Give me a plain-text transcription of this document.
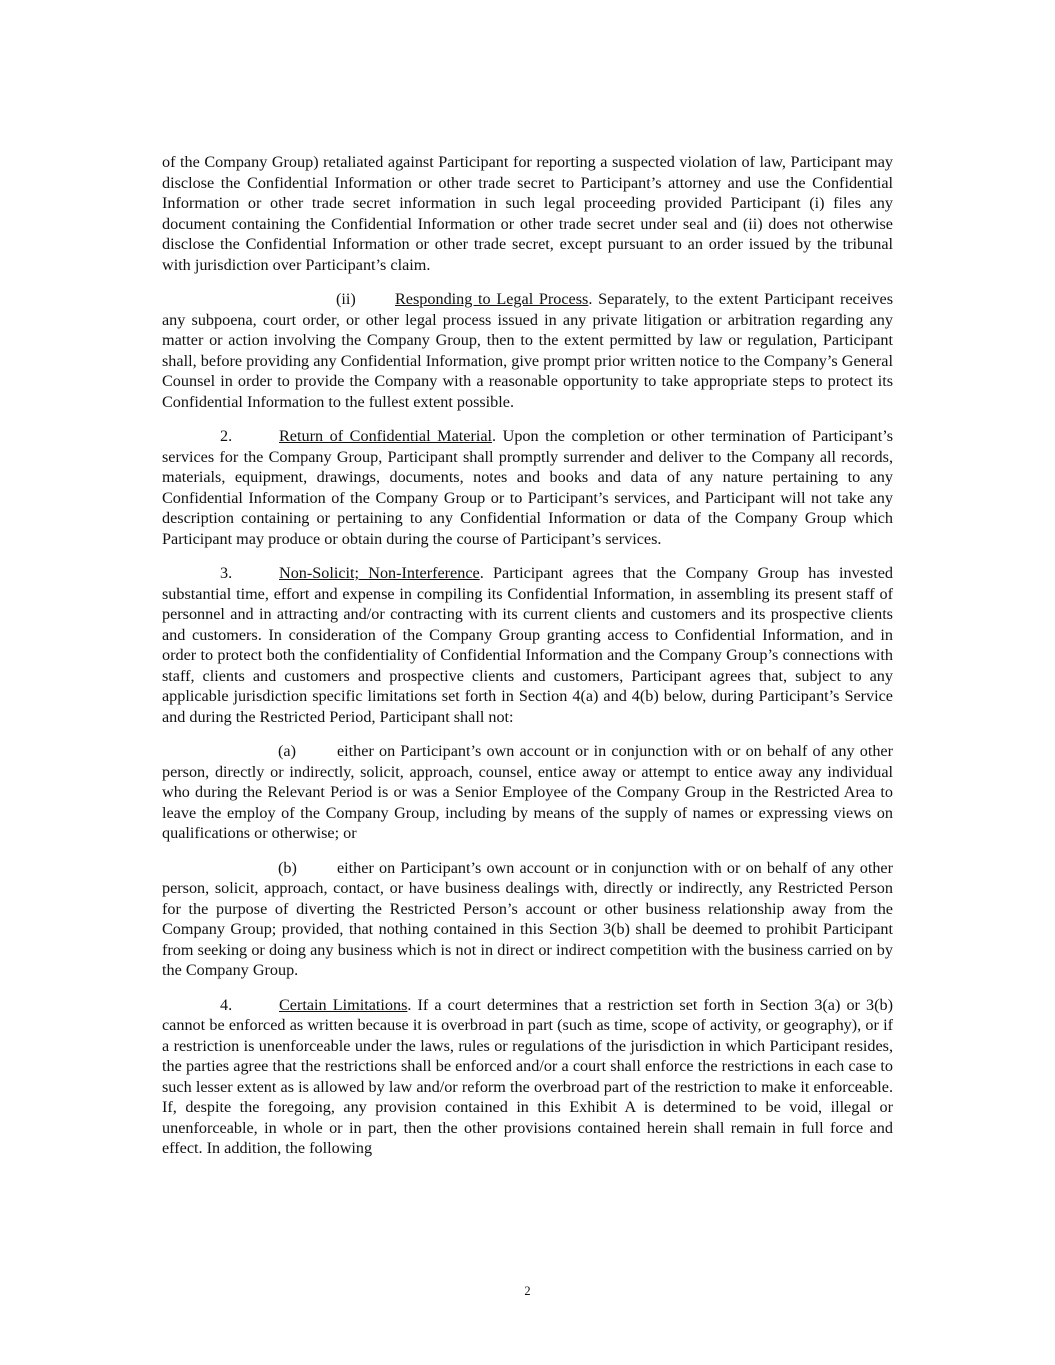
of the Company Group) retaliated against Participant for reporting a suspected violation of law, Participant may disclose the Confidential Information or other trade secret to Participant’s attorney and use the Confidential Information or other trade secret information in such legal proceeding provided Participant (i) files any document containing the Confidential Information or other trade secret under seal and (ii) does not otherwise disclose the Confidential Information or other trade secret, except pursuant to an order issued by the tribunal with jurisdiction over Participant’s claim.

(ii) Responding to Legal Process. Separately, to the extent Participant receives any subpoena, court order, or other legal process issued in any private litigation or arbitration regarding any matter or action involving the Company Group, then to the extent permitted by law or regulation, Participant shall, before providing any Confidential Information, give prompt prior written notice to the Company’s General Counsel in order to provide the Company with a reasonable opportunity to take appropriate steps to protect its Confidential Information to the fullest extent possible.

2.	Return of Confidential Material. Upon the completion or other termination of Participant’s services for the Company Group, Participant shall promptly surrender and deliver to the Company all records, materials, equipment, drawings, documents, notes and books and data of any nature pertaining to any Confidential Information of the Company Group or to Participant’s services, and Participant will not take any description containing or pertaining to any Confidential Information or data of the Company Group which Participant may produce or obtain during the course of Participant’s services.

3.	Non-Solicit; Non-Interference. Participant agrees that the Company Group has invested substantial time, effort and expense in compiling its Confidential Information, in assembling its present staff of personnel and in attracting and/or contracting with its current clients and customers and its prospective clients and customers. In consideration of the Company Group granting access to Confidential Information, and in order to protect both the confidentiality of Confidential Information and the Company Group’s connections with staff, clients and customers and prospective clients and customers, Participant agrees that, subject to any applicable jurisdiction specific limitations set forth in Section 4(a) and 4(b) below, during Participant’s Service and during the Restricted Period, Participant shall not:

(a)	either on Participant’s own account or in conjunction with or on behalf of any other person, directly or indirectly, solicit, approach, counsel, entice away or attempt to entice away any individual who during the Relevant Period is or was a Senior Employee of the Company Group in the Restricted Area to leave the employ of the Company Group, including by means of the supply of names or expressing views on qualifications or otherwise; or

(b) either on Participant’s own account or in conjunction with or on behalf of any other person, solicit, approach, contact, or have business dealings with, directly or indirectly, any Restricted Person for the purpose of diverting the Restricted Person’s account or other business relationship away from the Company Group; provided, that nothing contained in this Section 3(b) shall be deemed to prohibit Participant from seeking or doing any business which is not in direct or indirect competition with the business carried on by the Company Group.

4.	Certain Limitations. If a court determines that a restriction set forth in Section 3(a) or 3(b) cannot be enforced as written because it is overbroad in part (such as time, scope of activity, or geography), or if a restriction is unenforceable under the laws, rules or regulations of the jurisdiction in which Participant resides, the parties agree that the restrictions shall be enforced and/or a court shall enforce the restrictions in each case to such lesser extent as is allowed by law and/or reform the overbroad part of the restriction to make it enforceable. If, despite the foregoing, any provision contained in this Exhibit A is determined to be void, illegal or unenforceable, in whole or in part, then the other provisions contained herein shall remain in full force and effect. In addition, the following

2
